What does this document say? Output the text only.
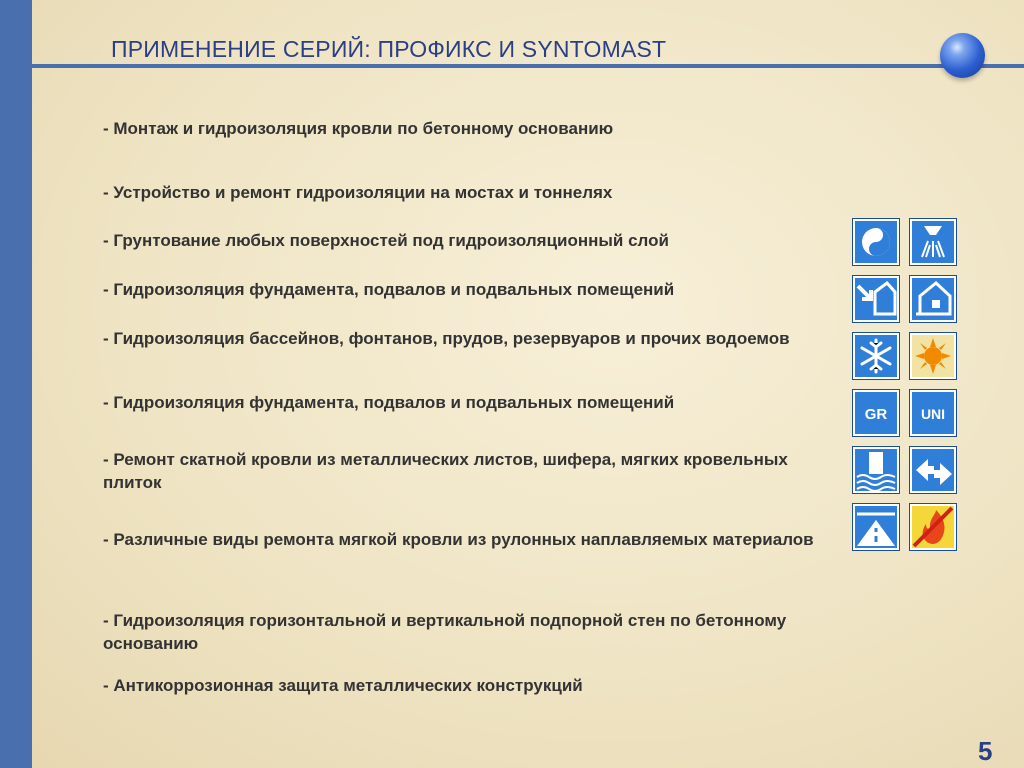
ПРИМЕНЕНИЕ СЕРИЙ: ПРОФИКС И SYNTOMAST
- Монтаж и гидроизоляция кровли по бетонному основанию
- Устройство и ремонт гидроизоляции на мостах и тоннелях
- Грунтование любых поверхностей под гидроизоляционный слой
- Гидроизоляция фундамента, подвалов и подвальных помещений
- Гидроизоляция бассейнов, фонтанов, прудов, резервуаров и прочих водоемов
- Гидроизоляция фундамента, подвалов и подвальных помещений
- Ремонт скатной кровли из металлических листов, шифера, мягких кровельных плиток
- Различные виды ремонта мягкой кровли из рулонных наплавляемых материалов
- Гидроизоляция горизонтальной и вертикальной подпорной стен по бетонному основанию
- Антикоррозионная защита металлических конструкций
GR UNI
5
